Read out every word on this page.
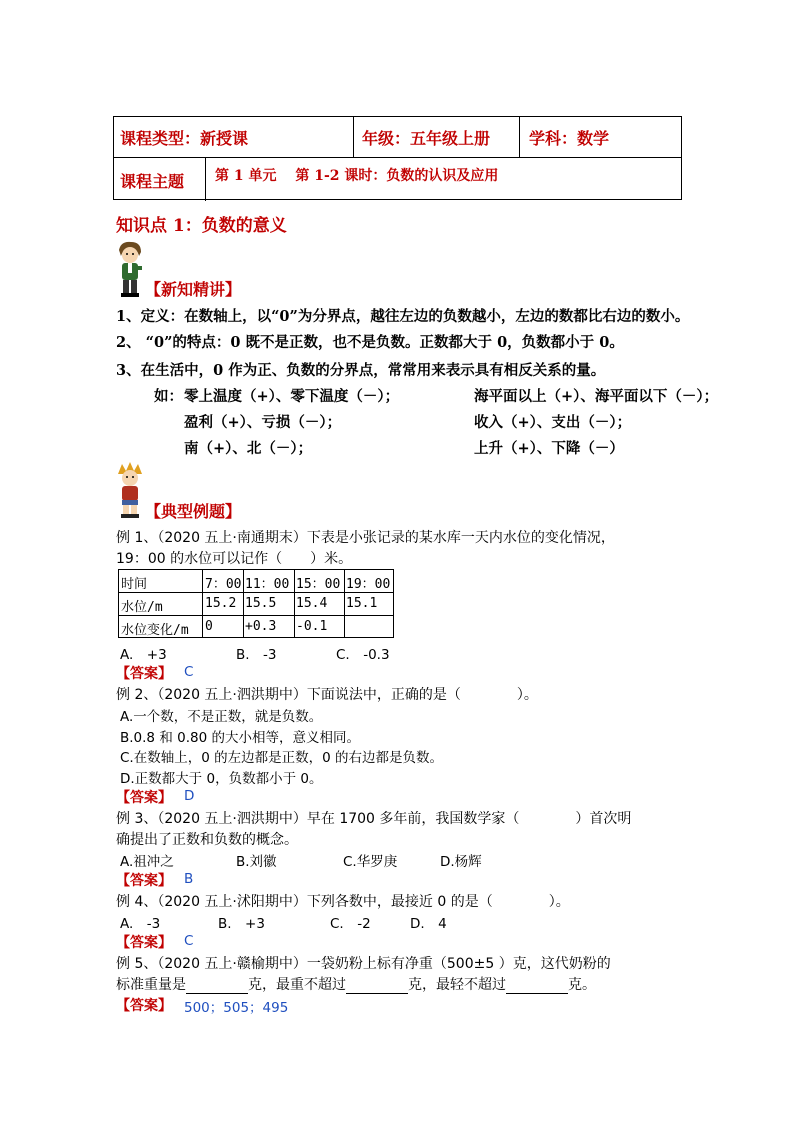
课程类型：新授课	年级：五年级上册 学科：数学
课程主题 第 1 单元　 第 1-2 课时：负数的认识及应用
知识点 1：负数的意义
【新知精讲】
1、定义：在数轴上，以“0”为分界点，越往左边的负数越小，左边的数都比右边的数小。
2、 “0”的特点：0 既不是正数，也不是负数。正数都大于 0，负数都小于 0。
3、在生活中，0 作为正、负数的分界点，常常用来表示具有相反关系的量。
如： 零上温度（+）、零下温度（－）；
盈利（+）、亏损（－）；
南（+）、北（－）；
海平面以上（+）、海平面以下（－）；
收入（+）、支出（－）；
上升（+）、下降（－）
【典型例题】
例 1、（2020 五上·南通期末）下表是小张记录的某水库一天内水位的变化情况，
19：00 的水位可以记作（　　）米。
时间	7：00 11：00 15：00 19：00
水位/m	15.2 15.5	15.4	15.1
水位变化/m	0	+0.3	-0.1
A.　+3	B.　-3	C.　-0.3
【答案】 C
例 2、（2020 五上·泗洪期中）下面说法中，正确的是（　　　　）。
A.一个数，不是正数，就是负数。
B.0.8 和 0.80 的大小相等，意义相同。
C.在数轴上，0 的左边都是正数，0 的右边都是负数。
D.正数都大于 0，负数都小于 0。
【答案】 D
例 3、（2020 五上·泗洪期中）早在 1700 多年前，我国数学家（　　　　）首次明
确提出了正数和负数的概念。
A.祖冲之	B.刘徽	C.华罗庚	D.杨辉
【答案】 B
例 4、（2020 五上·沭阳期中）下列各数中，最接近 0 的是（　　　　）。
A.　-3	B.　+3	C.　-2	D.　4
【答案】 C
例 5、（2020 五上·赣榆期中）一袋奶粉上标有净重（500±5 ）克，这代奶粉的
标准重量是	克，最重不超过	克，最轻不超过	克。
【答案】 500；505；495
